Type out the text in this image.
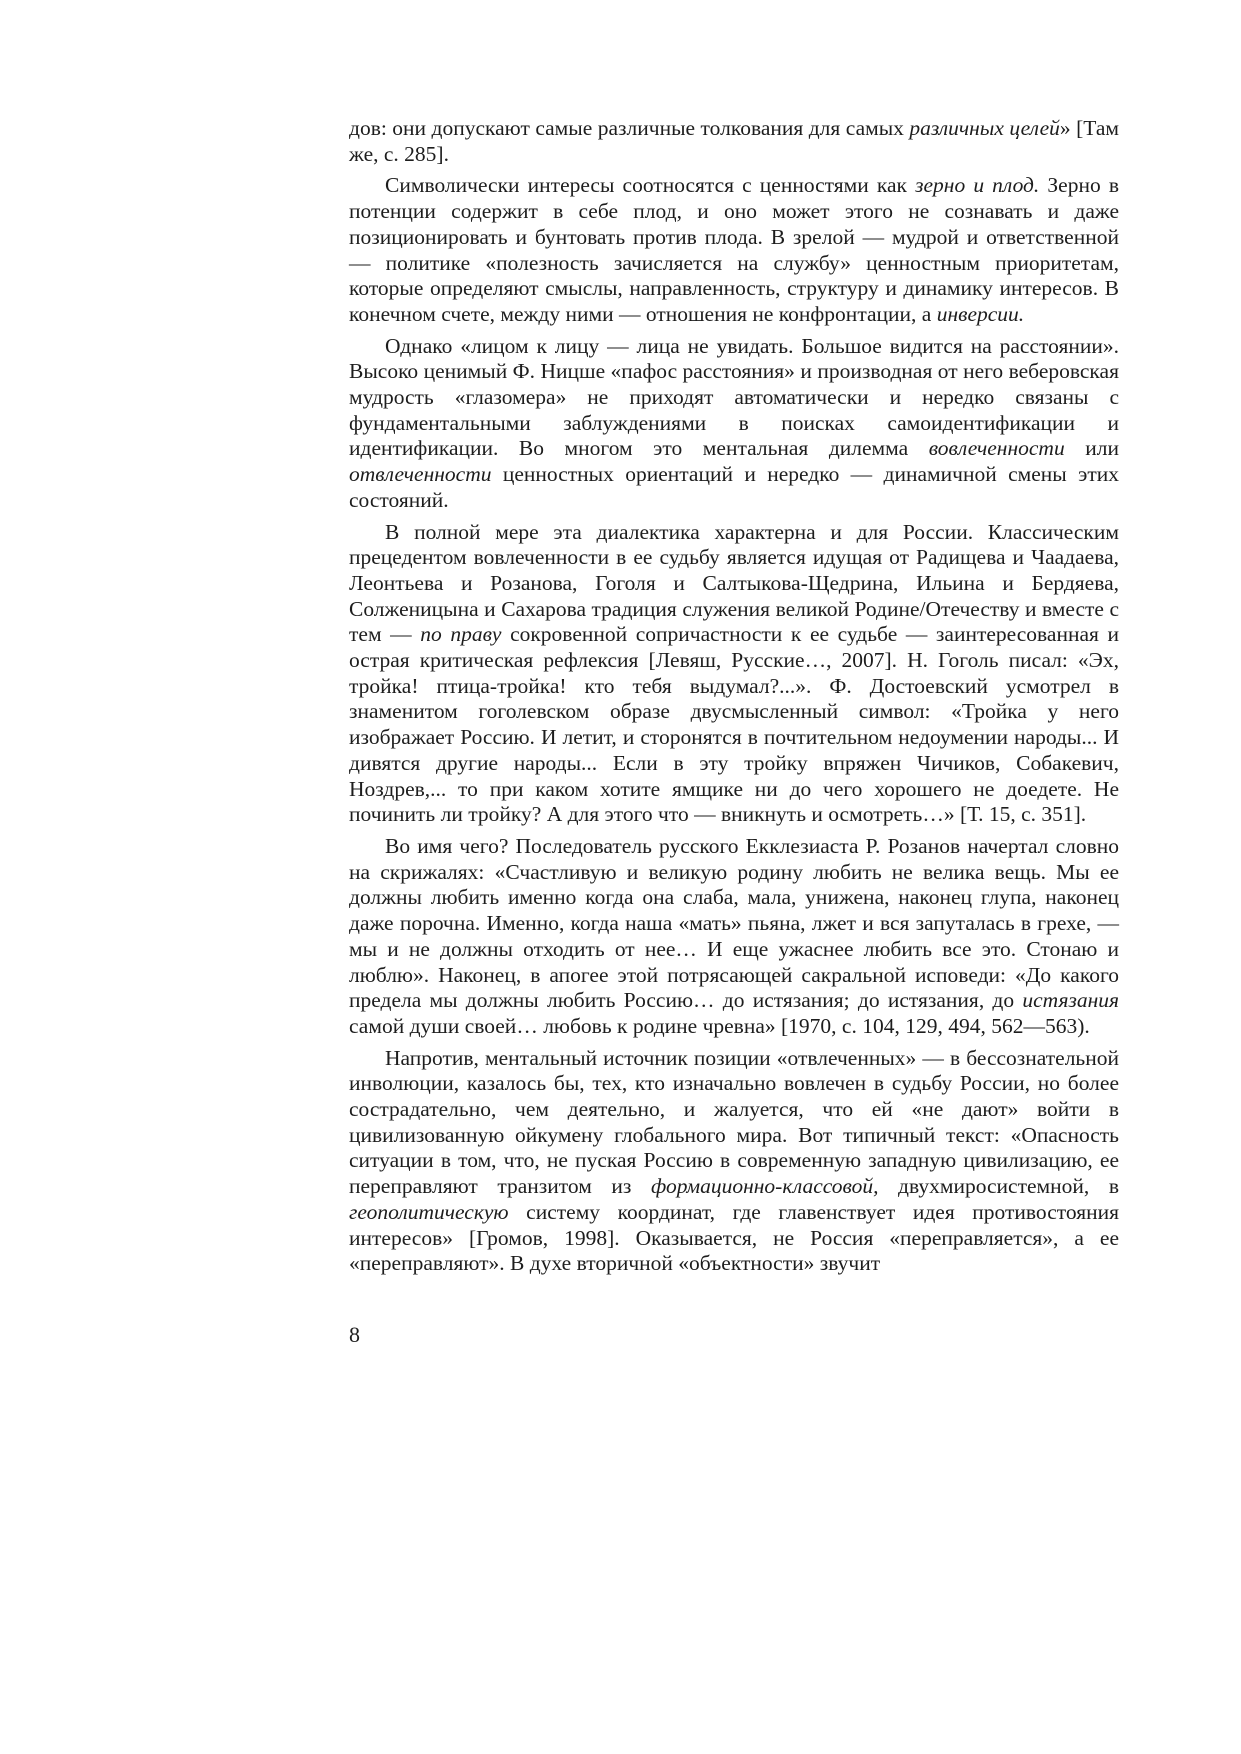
дов: они допускают самые различные толкования для самых различных целей» [Там же, с. 285].

Символически интересы соотносятся с ценностями как зерно и плод. Зерно в потенции содержит в себе плод, и оно может этого не сознавать и даже позиционировать и бунтовать против плода. В зрелой — мудрой и ответственной — политике «полезность зачисляется на службу» ценностным приоритетам, которые определяют смыслы, направленность, структуру и динамику интересов. В конечном счете, между ними — отношения не конфронтации, а инверсии.

Однако «лицом к лицу — лица не увидать. Большое видится на расстоянии». Высоко ценимый Ф. Ницше «пафос расстояния» и производная от него веберовская мудрость «глазомера» не приходят автоматически и нередко связаны с фундаментальными заблуждениями в поисках самоидентификации и идентификации. Во многом это ментальная дилемма вовлеченности или отвлеченности ценностных ориентаций и нередко — динамичной смены этих состояний.

В полной мере эта диалектика характерна и для России. Классическим прецедентом вовлеченности в ее судьбу является идущая от Радищева и Чаадаева, Леонтьева и Розанова, Гоголя и Салтыкова-Щедрина, Ильина и Бердяева, Солженицына и Сахарова традиция служения великой Родине/Отечеству и вместе с тем — по праву сокровенной сопричастности к ее судьбе — заинтересованная и острая критическая рефлексия [Левяш, Русские…, 2007]. Н. Гоголь писал: «Эх, тройка! птица-тройка! кто тебя выдумал?...». Ф. Достоевский усмотрел в знаменитом гоголевском образе двусмысленный символ: «Тройка у него изображает Россию. И летит, и сторонятся в почтительном недоумении народы... И дивятся другие народы... Если в эту тройку впряжен Чичиков, Собакевич, Ноздрев,... то при каком хотите ямщике ни до чего хорошего не доедете. Не починить ли тройку? А для этого что — вникнуть и осмотреть…» [Т. 15, с. 351].

Во имя чего? Последователь русского Екклезиаста Р. Розанов начертал словно на скрижалях: «Счастливую и великую родину любить не велика вещь. Мы ее должны любить именно когда она слаба, мала, унижена, наконец глупа, наконец даже порочна. Именно, когда наша «мать» пьяна, лжет и вся запуталась в грехе, — мы и не должны отходить от нее… И еще ужаснее любить все это. Стонаю и люблю». Наконец, в апогее этой потрясающей сакральной исповеди: «До какого предела мы должны любить Россию… до истязания; до истязания, до истязания самой души своей… любовь к родине чревна» [1970, с. 104, 129, 494, 562—563).

Напротив, ментальный источник позиции «отвлеченных» — в бессознательной инволюции, казалось бы, тех, кто изначально вовлечен в судьбу России, но более сострадательно, чем деятельно, и жалуется, что ей «не дают» войти в цивилизованную ойкумену глобального мира. Вот типичный текст: «Опасность ситуации в том, что, не пуская Россию в современную западную цивилизацию, ее переправляют транзитом из формационно-классовой, двухмиросистемной, в геополитическую систему координат, где главенствует идея противостояния интересов» [Громов, 1998]. Оказывается, не Россия «переправляется», а ее «переправляют». В духе вторичной «объектности» звучит

8
